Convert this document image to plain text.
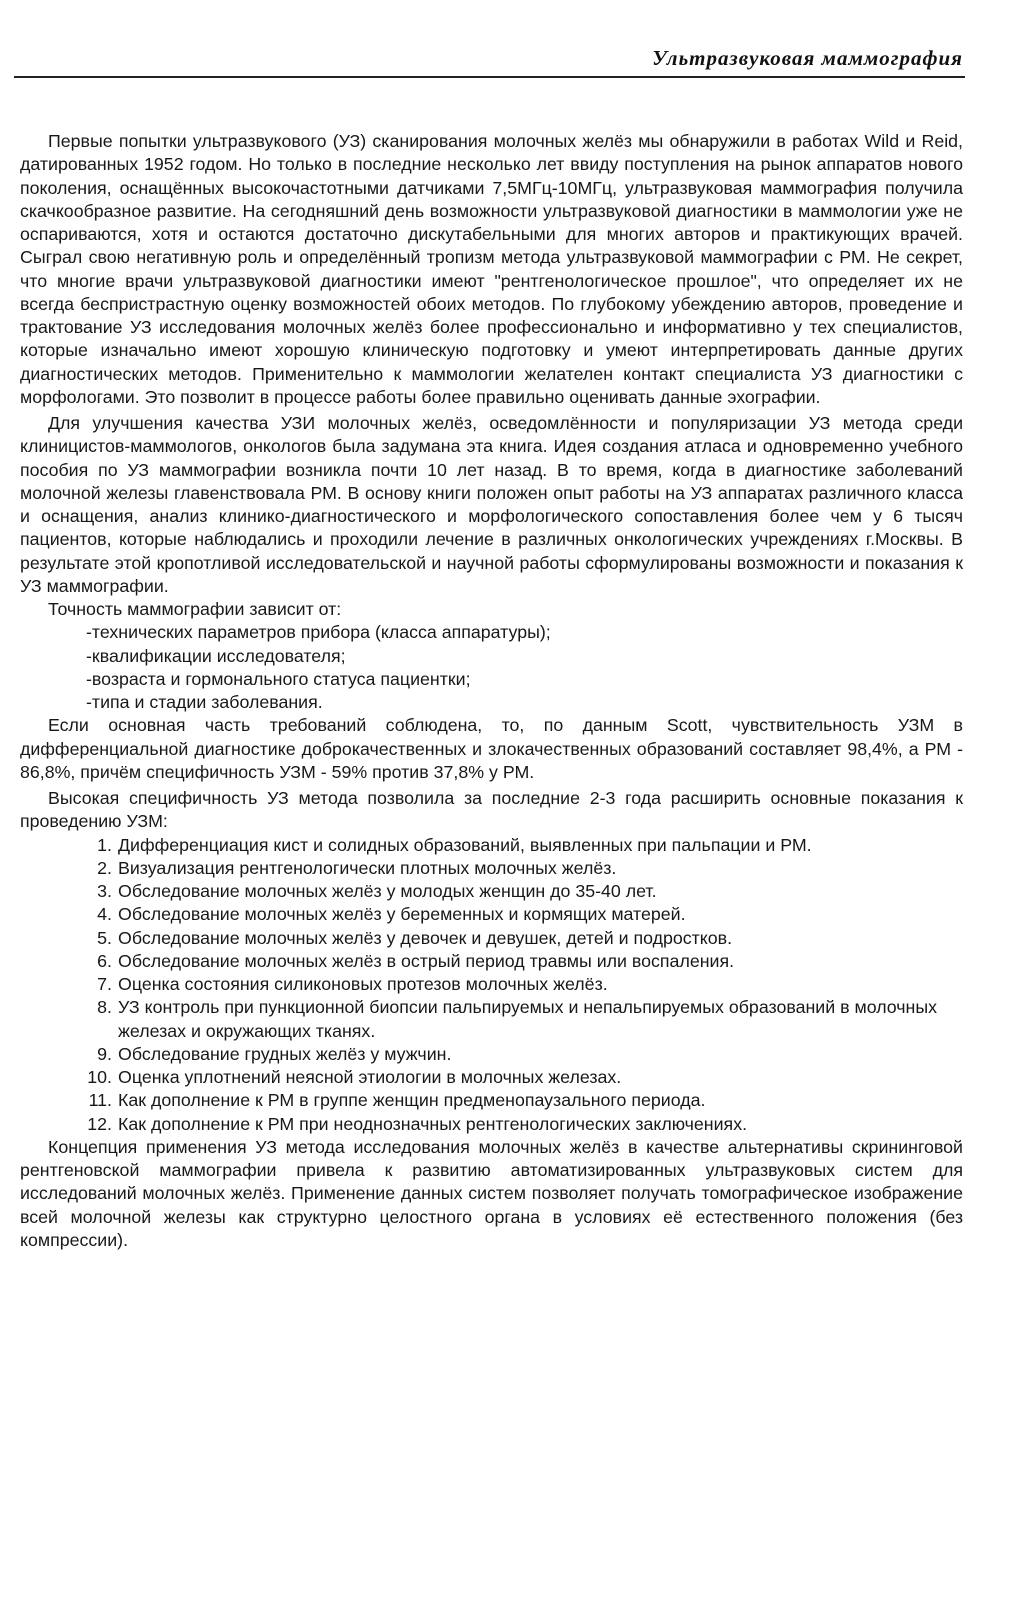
Ультразвуковая маммография

Первые попытки ультразвукового (УЗ) сканирования молочных желёз мы обнаружили в работах Wild и Reid, датированных 1952 годом. Но только в последние несколько лет ввиду поступления на рынок аппаратов нового поколения, оснащённых высокочастотными датчиками 7,5МГц-10МГц, ультразвуковая маммография получила скачкообразное развитие. На сегодняшний день возможности ультразвуковой диагностики в маммологии уже не оспариваются, хотя и остаются достаточно дискутабельными для многих авторов и практикующих врачей. Сыграл свою негативную роль и определённый тропизм метода ультразвуковой маммографии с РМ. Не секрет, что многие врачи ультразвуковой диагностики имеют "рентгенологическое прошлое", что определяет их не всегда беспристрастную оценку возможностей обоих методов. По глубокому убеждению авторов, проведение и трактование УЗ исследования молочных желёз более профессионально и информативно у тех специалистов, которые изначально имеют хорошую клиническую подготовку и умеют интерпретировать данные других диагностических методов. Применительно к маммологии желателен контакт специалиста УЗ диагностики с морфологами. Это позволит в процессе работы более правильно оценивать данные эхографии.

Для улучшения качества УЗИ молочных желёз, осведомлённости и популяризации УЗ метода среди клиницистов-маммологов, онкологов была задумана эта книга. Идея создания атласа и одновременно учебного пособия по УЗ маммографии возникла почти 10 лет назад. В то время, когда в диагностике заболеваний молочной железы главенствовала РМ. В основу книги положен опыт работы на УЗ аппаратах различного класса и оснащения, анализ клинико-диагностического и морфологического сопоставления более чем у 6 тысяч пациентов, которые наблюдались и проходили лечение в различных онкологических учреждениях г.Москвы. В результате этой кропотливой исследовательской и научной работы сформулированы возможности и показания к УЗ маммографии.

Точность маммографии зависит от:

-технических параметров прибора (класса аппаратуры);
-квалификации исследователя;
-возраста и гормонального статуса пациентки;
-типа и стадии заболевания.

Если основная часть требований соблюдена, то, по данным Scott, чувствительность УЗМ в дифференциальной диагностике доброкачественных и злокачественных образований составляет 98,4%, а РМ - 86,8%, причём специфичность УЗМ - 59% против 37,8% у РМ.

Высокая специфичность УЗ метода позволила за последние 2-3 года расширить основные показания к проведению УЗМ:

1. Дифференциация кист и солидных образований, выявленных при пальпации и РМ.
2. Визуализация рентгенологически плотных молочных желёз.
3. Обследование молочных желёз у молодых женщин до 35-40 лет.
4. Обследование молочных желёз у беременных и кормящих матерей.
5. Обследование молочных желёз у девочек и девушек, детей и подростков.
6. Обследование молочных желёз в острый период травмы или воспаления.
7. Оценка состояния силиконовых протезов молочных желёз.
8. УЗ контроль при пункционной биопсии пальпируемых и непальпируемых образований в молочных железах и окружающих тканях.
9. Обследование грудных желёз у мужчин.
10. Оценка уплотнений неясной этиологии в молочных железах.
11. Как дополнение к РМ в группе женщин предменопаузального периода.
12. Как дополнение к РМ при неоднозначных рентгенологических заключениях.

Концепция применения УЗ метода исследования молочных желёз в качестве альтернативы скрининговой рентгеновской маммографии привела к развитию автоматизированных ультразвуковых систем для исследований молочных желёз. Применение данных систем позволяет получать томографическое изображение всей молочной железы как структурно целостного органа в условиях её естественного положения (без компрессии).
